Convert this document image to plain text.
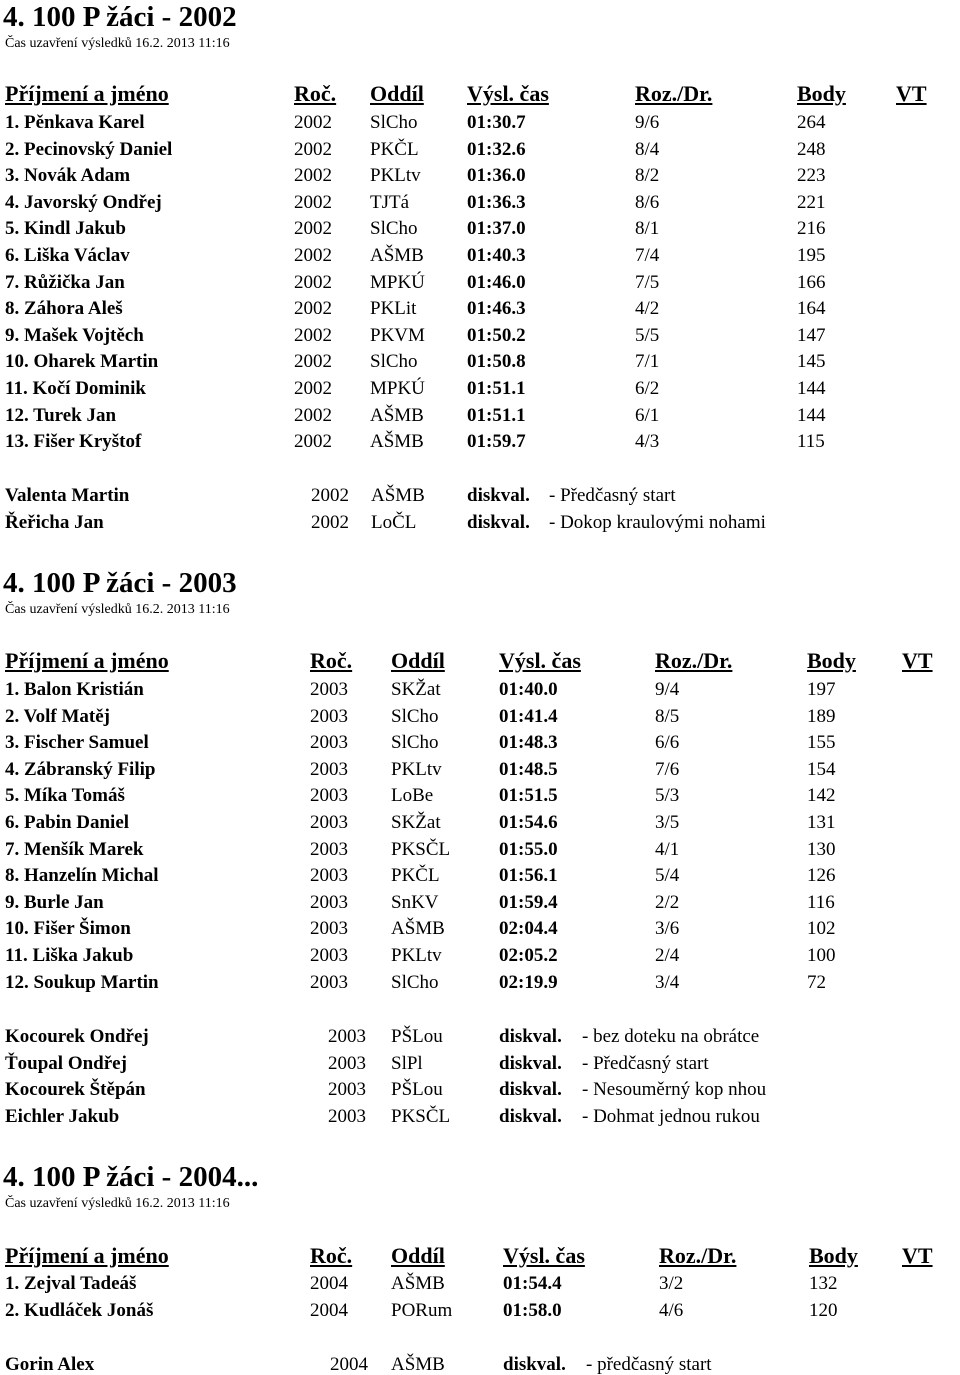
4. 100 P žáci - 2002
Čas uzavření výsledků 16.2. 2013 11:16
Příjmení a jméno	Roč. Oddíl Výsl. čas	Roz./Dr.	Body VT
1. Pěnkava Karel	2002 SlCho	01:30.7	9/6	264
2. Pecinovský Daniel	2002 PKČL	01:32.6	8/4	248
3. Novák Adam	2002 PKLtv 01:36.0	8/2	223
4. Javorský Ondřej	2002 TJTá	01:36.3	8/6	221
5. Kindl Jakub	2002 SlCho	01:37.0	8/1	216
6. Liška Václav	2002 AŠMB 01:40.3	7/4	195
7. Růžička Jan	2002 MPKÚ 01:46.0	7/5	166
8. Záhora Aleš	2002 PKLit	01:46.3	4/2	164
9. Mašek Vojtěch	2002 PKVM 01:50.2	5/5	147
10. Oharek Martin	2002 SlCho	01:50.8	7/1	145
11. Kočí Dominik	2002 MPKÚ 01:51.1	6/2	144
12. Turek Jan	2002 AŠMB 01:51.1	6/1	144
13. Fišer Kryštof	2002 AŠMB 01:59.7	4/3	115
Valenta Martin	2002 AŠMB diskval. - Předčasný start
Řeřicha Jan	2002 LoČL	diskval. - Dokop kraulovými nohami
4. 100 P žáci - 2003
Čas uzavření výsledků 16.2. 2013 11:16
Příjmení a jméno	Roč. Oddíl Výsl. čas	Roz./Dr.	Body VT
1. Balon Kristián	2003 SKŽat	01:40.0	9/4	197
2. Volf Matěj	2003 SlCho	01:41.4	8/5	189
3. Fischer Samuel	2003 SlCho	01:48.3	6/6	155
4. Zábranský Filip	2003 PKLtv	01:48.5	7/6	154
5. Míka Tomáš	2003 LoBe	01:51.5	5/3	142
6. Pabin Daniel	2003 SKŽat	01:54.6	3/5	131
7. Menšík Marek	2003 PKSČL	01:55.0	4/1	130
8. Hanzelín Michal	2003 PKČL	01:56.1	5/4	126
9. Burle Jan	2003 SnKV	01:59.4	2/2	116
10. Fišer Šimon	2003 AŠMB	02:04.4	3/6	102
11. Liška Jakub	2003 PKLtv	02:05.2	2/4	100
12. Soukup Martin	2003 SlCho	02:19.9	3/4	72
Kocourek Ondřej	2003 PŠLou	diskval. - bez doteku na obrátce
Ťoupal Ondřej	2003 SlPl	diskval. - Předčasný start
Kocourek Štěpán	2003 PŠLou	diskval. - Nesouměrný kop nhou
Eichler Jakub	2003 PKSČL	diskval. - Dohmat jednou rukou
4. 100 P žáci - 2004...
Čas uzavření výsledků 16.2. 2013 11:16
Příjmení a jméno	Roč. Oddíl	Výsl. čas	Roz./Dr.	Body VT
1. Zejval Tadeáš	2004 AŠMB	01:54.4	3/2	132
2. Kudláček Jonáš	2004 PORum	01:58.0	4/6	120
Gorin Alex	2004 AŠMB	diskval. - předčasný start
